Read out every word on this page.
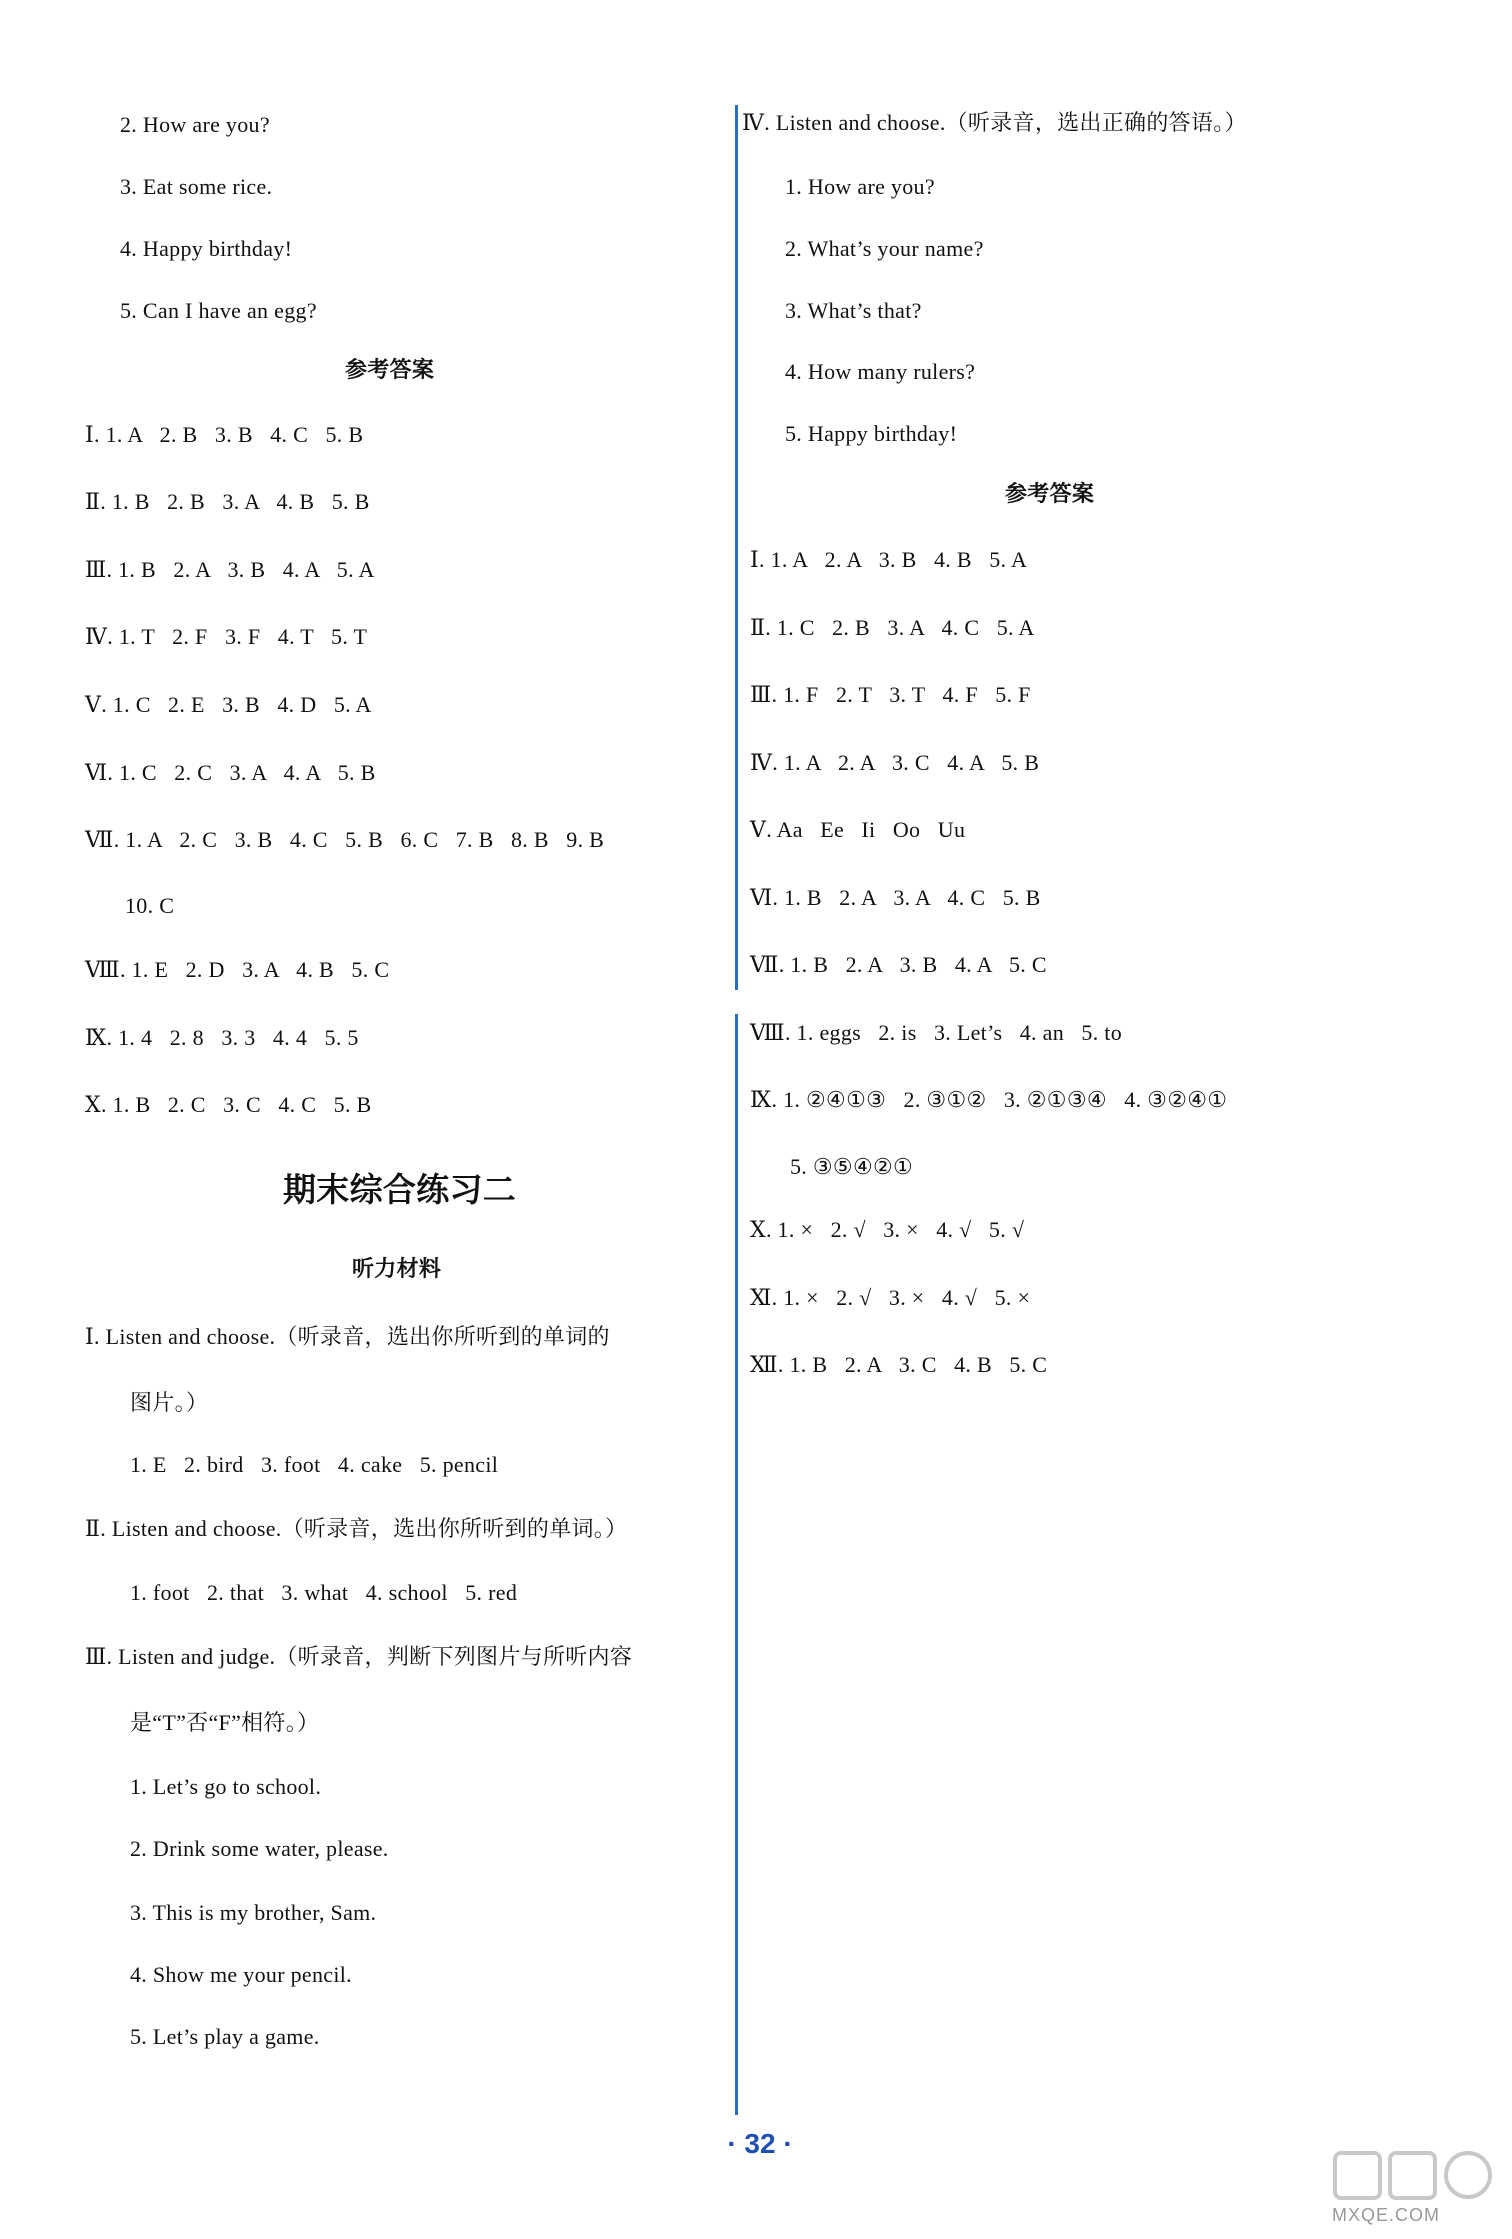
2. How are you?
3. Eat some rice.
4. Happy birthday!
5. Can I have an egg?
参考答案
Ⅰ. 1. A   2. B   3. B   4. C   5. B
Ⅱ. 1. B   2. B   3. A   4. B   5. B
Ⅲ. 1. B   2. A   3. B   4. A   5. A
Ⅳ. 1. T   2. F   3. F   4. T   5. T
Ⅴ. 1. C   2. E   3. B   4. D   5. A
Ⅵ. 1. C   2. C   3. A   4. A   5. B
Ⅶ. 1. A   2. C   3. B   4. C   5. B   6. C   7. B   8. B   9. B
10. C
Ⅷ. 1. E   2. D   3. A   4. B   5. C
Ⅸ. 1. 4   2. 8   3. 3   4. 4   5. 5
Ⅹ. 1. B   2. C   3. C   4. C   5. B
期末综合练习二
听力材料
Ⅰ. Listen and choose.（听录音，选出你所听到的单词的
图片。）
1. E   2. bird   3. foot   4. cake   5. pencil
Ⅱ. Listen and choose.（听录音，选出你所听到的单词。）
1. foot   2. that   3. what   4. school   5. red
Ⅲ. Listen and judge.（听录音，判断下列图片与所听内容
是“T”否“F”相符。）
1. Let’s go to school.
2. Drink some water, please.
3. This is my brother, Sam.
4. Show me your pencil.
5. Let’s play a game.
Ⅳ. Listen and choose.（听录音，选出正确的答语。）
1. How are you?
2. What’s your name?
3. What’s that?
4. How many rulers?
5. Happy birthday!
参考答案
Ⅰ. 1. A   2. A   3. B   4. B   5. A
Ⅱ. 1. C   2. B   3. A   4. C   5. A
Ⅲ. 1. F   2. T   3. T   4. F   5. F
Ⅳ. 1. A   2. A   3. C   4. A   5. B
Ⅴ. Aa   Ee   Ii   Oo   Uu
Ⅵ. 1. B   2. A   3. A   4. C   5. B
Ⅶ. 1. B   2. A   3. B   4. A   5. C
Ⅷ. 1. eggs   2. is   3. Let’s   4. an   5. to
Ⅸ. 1. ②④①③   2. ③①②   3. ②①③④   4. ③②④①
5. ③⑤④②①
Ⅹ. 1. ×   2. √   3. ×   4. √   5. √
Ⅺ. 1. ×   2. √   3. ×   4. √   5. ×
Ⅻ. 1. B   2. A   3. C   4. B   5. C
· 32 ·
MXQE.COM
